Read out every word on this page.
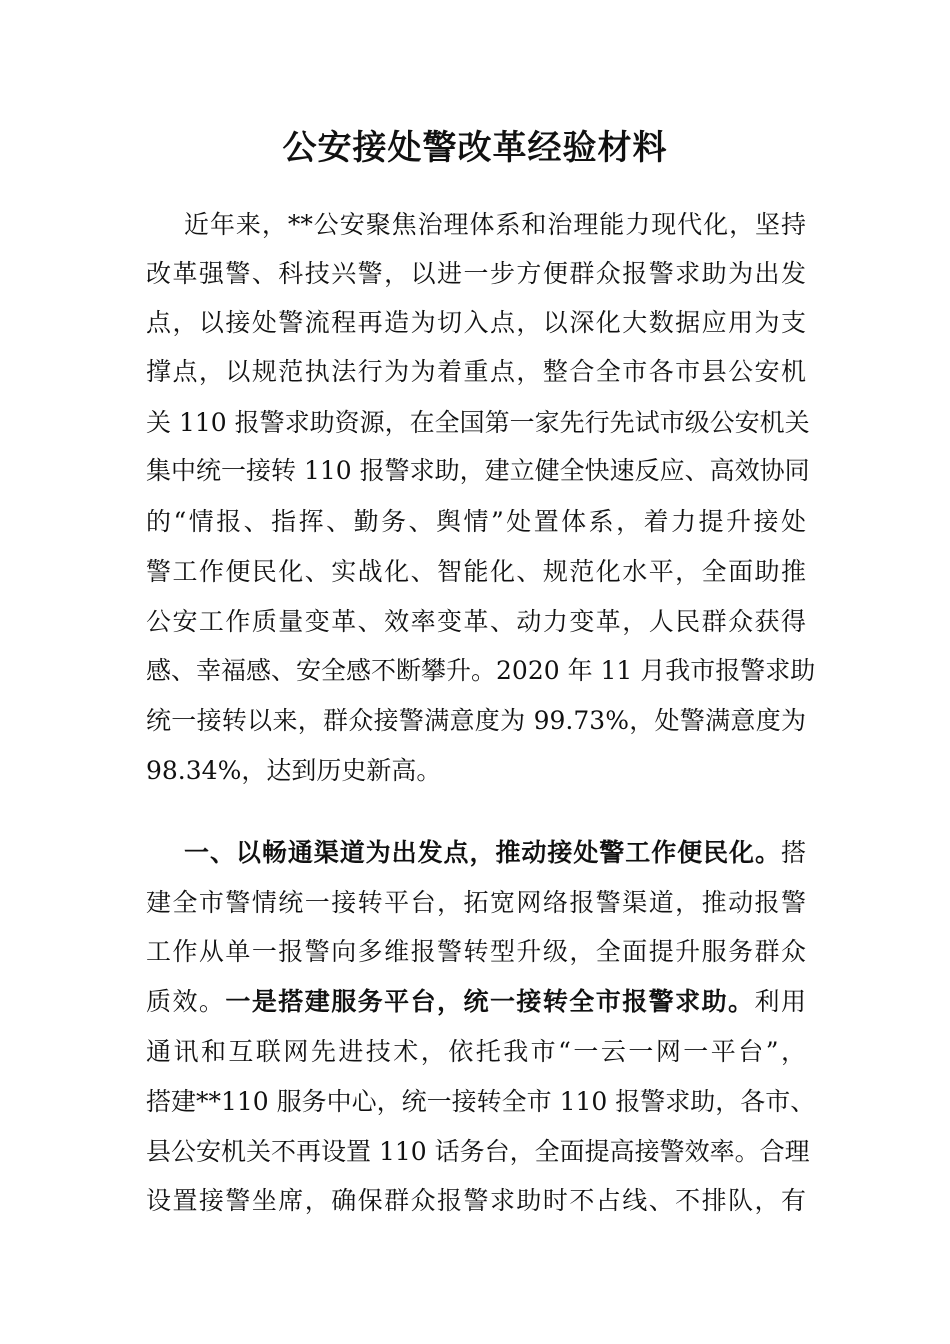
公安接处警改革经验材料

近年来，**公安聚焦治理体系和治理能力现代化，坚持

改革强警、科技兴警，以进一步方便群众报警求助为出发

点，以接处警流程再造为切入点，以深化大数据应用为支

撑点，以规范执法行为为着重点，整合全市各市县公安机

关 110 报警求助资源，在全国第一家先行先试市级公安机关

集中统一接转 110 报警求助，建立健全快速反应、高效协同

的“情报、指挥、勤务、舆情”处置体系，着力提升接处

警工作便民化、实战化、智能化、规范化水平，全面助推

公安工作质量变革、效率变革、动力变革，人民群众获得

感、幸福感、安全感不断攀升。2020 年 11 月我市报警求助

统一接转以来，群众接警满意度为 99.73%，处警满意度为

98.34%，达到历史新高。

一、以畅通渠道为出发点，推动接处警工作便民化。搭

建全市警情统一接转平台，拓宽网络报警渠道，推动报警

工作从单一报警向多维报警转型升级，全面提升服务群众

质效。一是搭建服务平台，统一接转全市报警求助。利用

通讯和互联网先进技术，依托我市“一云一网一平台”，

搭建**110 服务中心，统一接转全市 110 报警求助，各市、

县公安机关不再设置 110 话务台，全面提高接警效率。合理

设置接警坐席，确保群众报警求助时不占线、不排队，有
